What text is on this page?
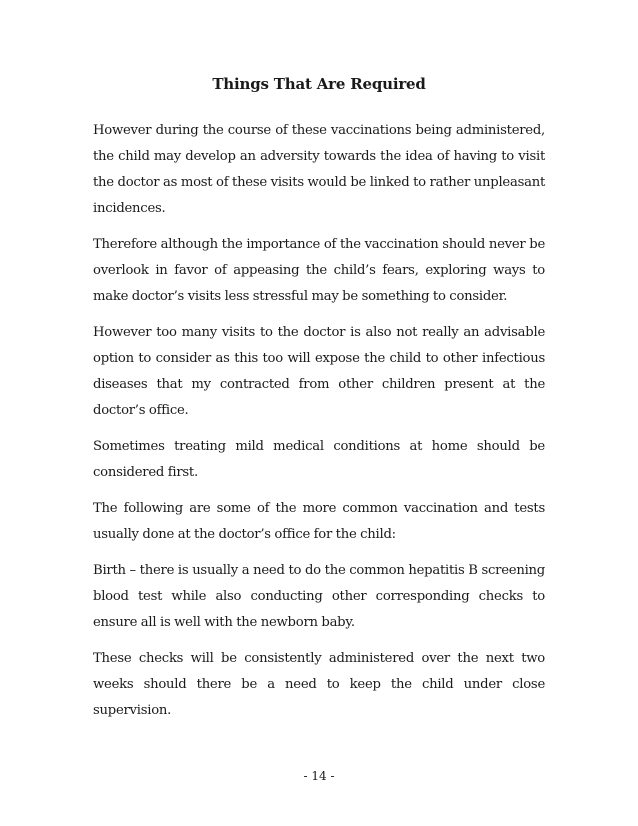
Things That Are Required

However during the course of these vaccinations being administered, the child may develop an adversity towards the idea of having to visit the doctor as most of these visits would be linked to rather unpleasant incidences.

Therefore although the importance of the vaccination should never be overlook in favor of appeasing the child’s fears, exploring ways to make doctor’s visits less stressful may be something to consider.

However too many visits to the doctor is also not really an advisable option to consider as this too will expose the child to other infectious diseases that my contracted from other children present at the doctor’s office.

Sometimes treating mild medical conditions at home should be considered first.

The following are some of the more common vaccination and tests usually done at the doctor’s office for the child:

Birth – there is usually a need to do the common hepatitis B screening blood test while also conducting other corresponding checks to ensure all is well with the newborn baby.

These checks will be consistently administered over the next two weeks should there be a need to keep the child under close supervision.

- 14 -
